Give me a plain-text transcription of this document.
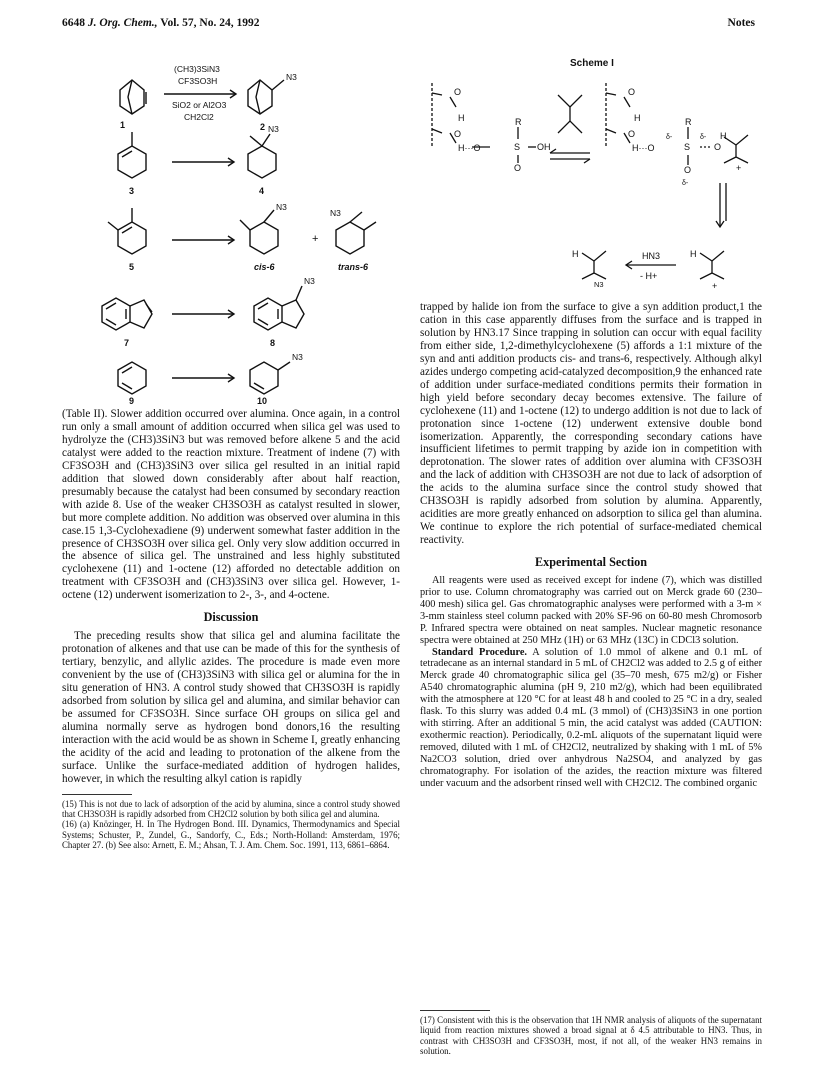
6648 J. Org. Chem., Vol. 57, No. 24, 1992	Notes
(CH3)3SiN3
CF3SO3H
SiO2 or Al2O3
CH2Cl2
N3
N3
N3
N3
N3
N3
+
1	2
3	4
5	cis-6	trans-6
7	8
9	10
Scheme I
O
H
O
H···O
R
S OH
O
O
H
O
H···O
δ-
R
S
δ-
O
O
δ-
H
+
H
N3
HN3
- H+
H
+

(Table II). Slower addition occurred over alumina. Once again, in a control run only a small amount of addition occurred when silica gel was used to hydrolyze the (CH3)3SiN3 but was removed before alkene 5 and the acid catalyst were added to the reaction mixture. Treatment of indene (7) with CF3SO3H and (CH3)3SiN3 over silica gel resulted in an initial rapid addition that slowed down considerably after about half reaction, presumably because the catalyst had been consumed by secondary reaction with azide 8. Use of the weaker CH3SO3H as catalyst resulted in slower, but more complete addition. No addition was observed over alumina in this case.15 1,3-Cyclohexadiene (9) underwent somewhat faster addition in the presence of CH3SO3H over silica gel. Only very slow addition occurred in the absence of silica gel. The unstrained and less highly substituted cyclohexene (11) and 1-octene (12) afforded no detectable addition on treatment with CF3SO3H and (CH3)3SiN3 over silica gel. However, 1-octene (12) underwent isomerization to 2-, 3-, and 4-octene.

Discussion

The preceding results show that silica gel and alumina facilitate the protonation of alkenes and that use can be made of this for the synthesis of tertiary, benzylic, and allylic azides. The procedure is made even more convenient by the use of (CH3)3SiN3 with silica gel or alumina for the in situ generation of HN3. A control study showed that CH3SO3H is rapidly adsorbed from solution by silica gel and alumina, and similar behavior can be assumed for CF3SO3H. Since surface OH groups on silica gel and alumina normally serve as hydrogen bond donors,16 the resulting interaction with the acid would be as shown in Scheme I, greatly enhancing the acidity of the acid and leading to protonation of the alkene from the surface. Unlike the surface-mediated addition of hydrogen halides, however, in which the resulting alkyl cation is rapidly

(15) This is not due to lack of adsorption of the acid by alumina, since a control study showed that CH3SO3H is rapidly adsorbed from CH2Cl2 solution by both silica gel and alumina.

(16) (a) Knözinger, H. In The Hydrogen Bond. III. Dynamics, Thermodynamics and Special Systems; Schuster, P., Zundel, G., Sandorfy, C., Eds.; North-Holland: Amsterdam, 1976; Chapter 27. (b) See also: Arnett, E. M.; Ahsan, T. J. Am. Chem. Soc. 1991, 113, 6861–6864.

trapped by halide ion from the surface to give a syn addition product,1 the cation in this case apparently diffuses from the surface and is trapped in solution by HN3.17 Since trapping in solution can occur with equal facility from either side, 1,2-dimethylcyclohexene (5) affords a 1:1 mixture of the syn and anti addition products cis- and trans-6, respectively. Although alkyl azides undergo competing acid-catalyzed decomposition,9 the enhanced rate of addition under surface-mediated conditions permits their formation in high yield before secondary decay becomes extensive. The failure of cyclohexene (11) and 1-octene (12) to undergo addition is not due to lack of protonation since 1-octene (12) underwent extensive double bond isomerization. Apparently, the corresponding secondary cations have insufficient lifetimes to permit trapping by azide ion in competition with deprotonation. The slower rates of addition over alumina with CF3SO3H and the lack of addition with CH3SO3H are not due to lack of adsorption of the acids to the alumina surface since the control study showed that CH3SO3H is rapidly adsorbed from solution by alumina. Apparently, acidities are more greatly enhanced on adsorption to silica gel than alumina. We continue to explore the rich potential of surface-mediated chemical reactivity.

Experimental Section

All reagents were used as received except for indene (7), which was distilled prior to use. Column chromatography was carried out on Merck grade 60 (230–400 mesh) silica gel. Gas chromatographic analyses were performed with a 3-m × 3-mm stainless steel column packed with 20% SF-96 on 60-80 mesh Chromosorb P. Infrared spectra were obtained on neat samples. Nuclear magnetic resonance spectra were obtained at 250 MHz (1H) or 63 MHz (13C) in CDCl3 solution.

Standard Procedure. A solution of 1.0 mmol of alkene and 0.1 mL of tetradecane as an internal standard in 5 mL of CH2Cl2 was added to 2.5 g of either Merck grade 40 chromatographic silica gel (35–70 mesh, 675 m2/g) or Fisher A540 chromatographic alumina (pH 9, 210 m2/g), which had been equilibrated with the atmosphere at 120 °C for at least 48 h and cooled to 25 °C in a dry, sealed flask. To this slurry was added 0.4 mL (3 mmol) of (CH3)3SiN3 in one portion with stirring. After an additional 5 min, the acid catalyst was added (CAUTION: exothermic reaction). Periodically, 0.2-mL aliquots of the supernatant liquid were removed, diluted with 1 mL of CH2Cl2, neutralized by shaking with 1 mL of 5% Na2CO3 solution, dried over anhydrous Na2SO4, and analyzed by gas chromatography. For isolation of the azides, the reaction mixture was filtered under vacuum and the adsorbent rinsed well with CH2Cl2. The combined organic

(17) Consistent with this is the observation that 1H NMR analysis of aliquots of the supernatant liquid from reaction mixtures showed a broad signal at δ 4.5 attributable to HN3. Thus, in contrast with CH3SO3H and CF3SO3H, most, if not all, of the weaker HN3 remains in solution.
